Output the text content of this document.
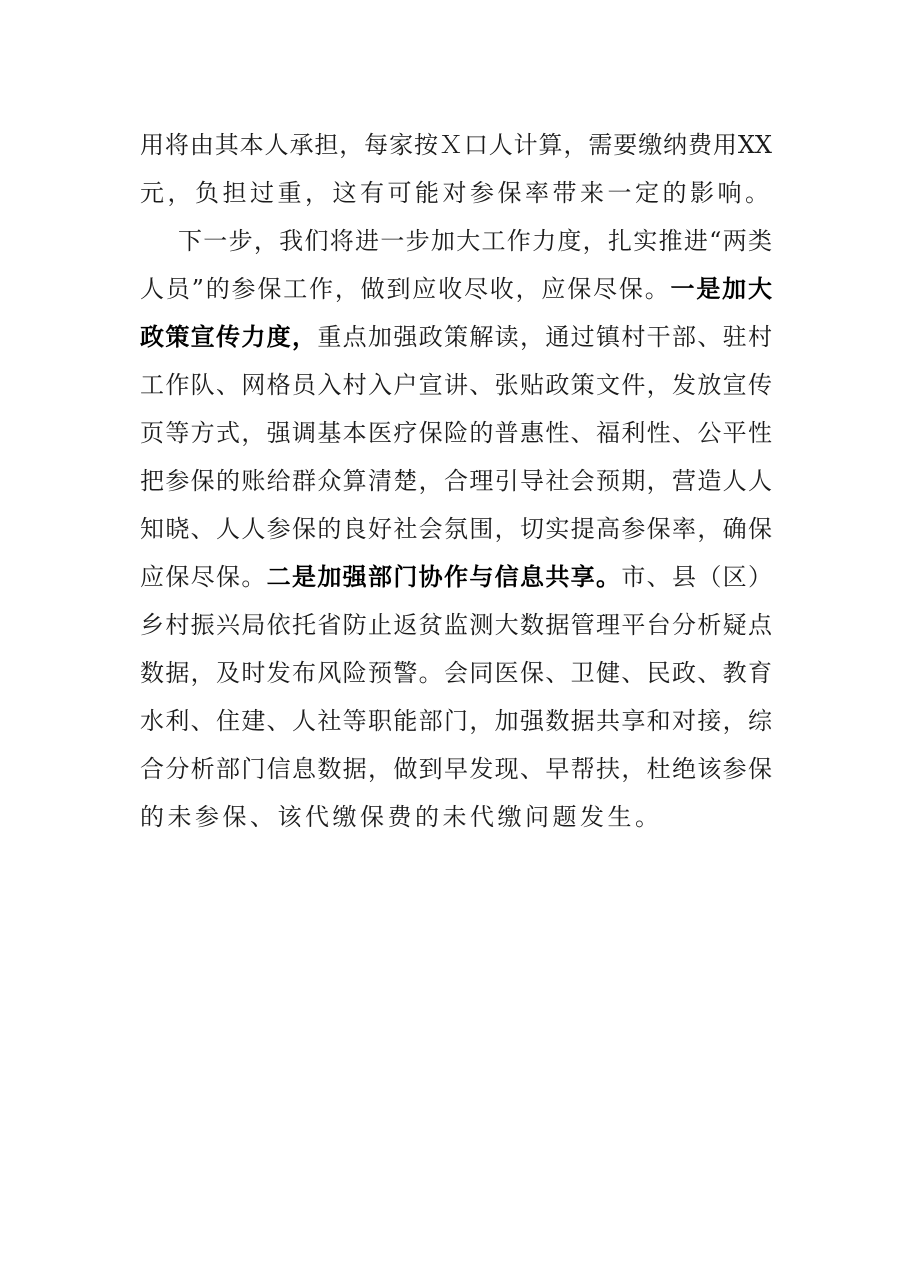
用将由其本人承担，每家按Ｘ口人计算，需要缴纳费用XX
元，负担过重，这有可能对参保率带来一定的影响。
下一步，我们将进一步加大工作力度，扎实推进“两类
人员”的参保工作，做到应收尽收，应保尽保。一是加大
政策宣传力度，重点加强政策解读，通过镇村干部、驻村
工作队、网格员入村入户宣讲、张贴政策文件，发放宣传
页等方式，强调基本医疗保险的普惠性、福利性、公平性
把参保的账给群众算清楚，合理引导社会预期，营造人人
知晓、人人参保的良好社会氛围，切实提高参保率，确保
应保尽保。二是加强部门协作与信息共享。市、县（区）
乡村振兴局依托省防止返贫监测大数据管理平台分析疑点
数据，及时发布风险预警。会同医保、卫健、民政、教育
水利、住建、人社等职能部门，加强数据共享和对接，综
合分析部门信息数据，做到早发现、早帮扶，杜绝该参保
的未参保、该代缴保费的未代缴问题发生。
